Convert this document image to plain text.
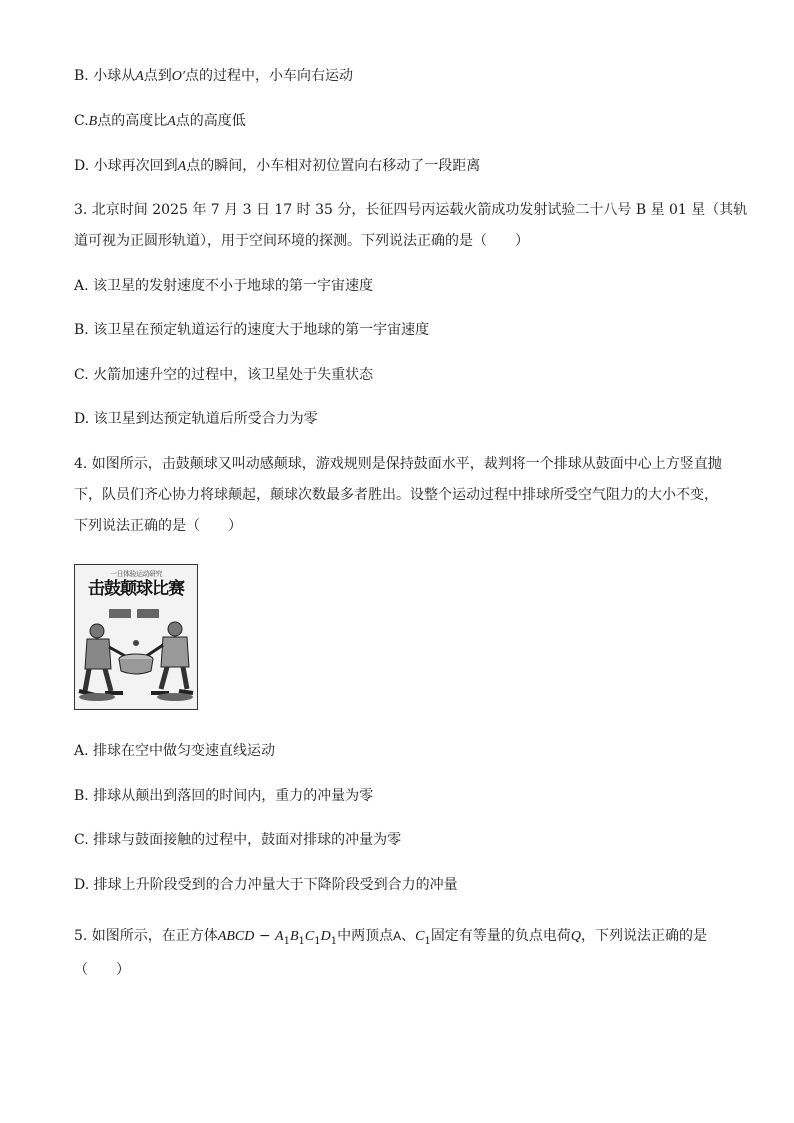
B. 小球从A点到O′点的过程中，小车向右运动
C.B点的高度比A点的高度低
D. 小球再次回到A点的瞬间，小车相对初位置向右移动了一段距离
3. 北京时间 2025 年 7 月 3 日 17 时 35 分，长征四号丙运载火箭成功发射试验二十八号 B 星 01 星（其轨
道可视为正圆形轨道），用于空间环境的探测。下列说法正确的是（　　）
A. 该卫星的发射速度不小于地球的第一宇宙速度
B. 该卫星在预定轨道运行的速度大于地球的第一宇宙速度
C. 火箭加速升空的过程中，该卫星处于失重状态
D. 该卫星到达预定轨道后所受合力为零
4. 如图所示，击鼓颠球又叫动感颠球，游戏规则是保持鼓面水平，裁判将一个排球从鼓面中心上方竖直抛
下，队员们齐心协力将球颠起，颠球次数最多者胜出。设整个运动过程中排球所受空气阻力的大小不变，
下列说法正确的是（　　）
一日体验运动研究
击鼓颠球比赛
A. 排球在空中做匀变速直线运动
B. 排球从颠出到落回的时间内，重力的冲量为零
C. 排球与鼓面接触的过程中，鼓面对排球的冲量为零
D. 排球上升阶段受到的合力冲量大于下降阶段受到合力的冲量
5. 如图所示，在正方体ABCD − $A_1B_1C_1D_1$中两顶点A、$C_1$固定有等量的负点电荷Q，下列说法正确的是
（　　）
